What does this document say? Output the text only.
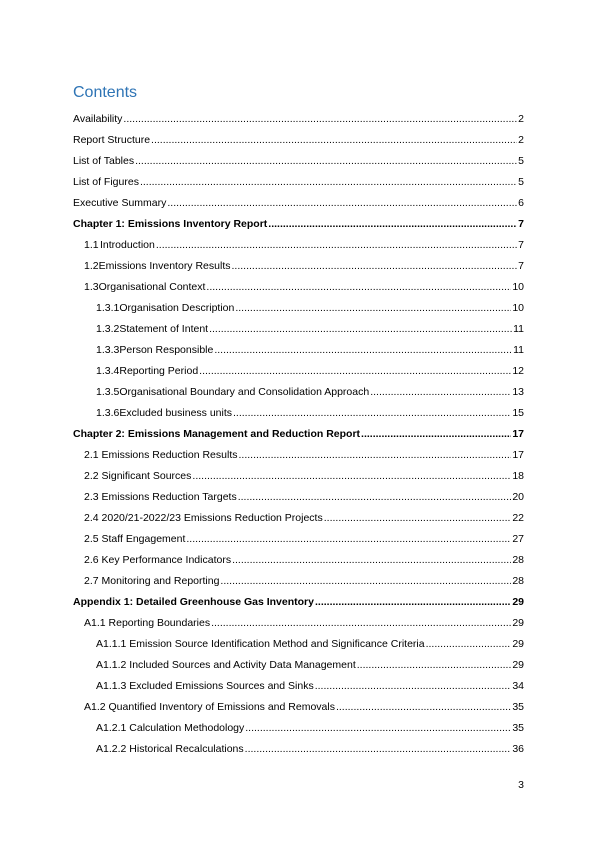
Contents
Availability .....	2
Report Structure .....	2
List of Tables .....	5
List of Figures .....	5
Executive Summary .....	6
Chapter 1: Emissions Inventory Report .....	7
1.1 Introduction .....	7
1.2 Emissions Inventory Results .....	7
1.3 Organisational Context .....	10
1.3.1 Organisation Description .....	10
1.3.2 Statement of Intent .....	11
1.3.3 Person Responsible .....	11
1.3.4 Reporting Period .....	12
1.3.5 Organisational Boundary and Consolidation Approach .....	13
1.3.6 Excluded business units .....	15
Chapter 2: Emissions Management and Reduction Report .....	17
2.1 Emissions Reduction Results .....	17
2.2 Significant Sources .....	18
2.3 Emissions Reduction Targets .....	20
2.4 2020/21-2022/23 Emissions Reduction Projects .....	22
2.5 Staff Engagement .....	27
2.6 Key Performance Indicators .....	28
2.7 Monitoring and Reporting .....	28
Appendix 1: Detailed Greenhouse Gas Inventory .....	29
A1.1 Reporting Boundaries .....	29
A1.1.1 Emission Source Identification Method and Significance Criteria .....	29
A1.1.2 Included Sources and Activity Data Management .....	29
A1.1.3 Excluded Emissions Sources and Sinks .....	34
A1.2 Quantified Inventory of Emissions and Removals .....	35
A1.2.1 Calculation Methodology .....	35
A1.2.2 Historical Recalculations .....	36
3
